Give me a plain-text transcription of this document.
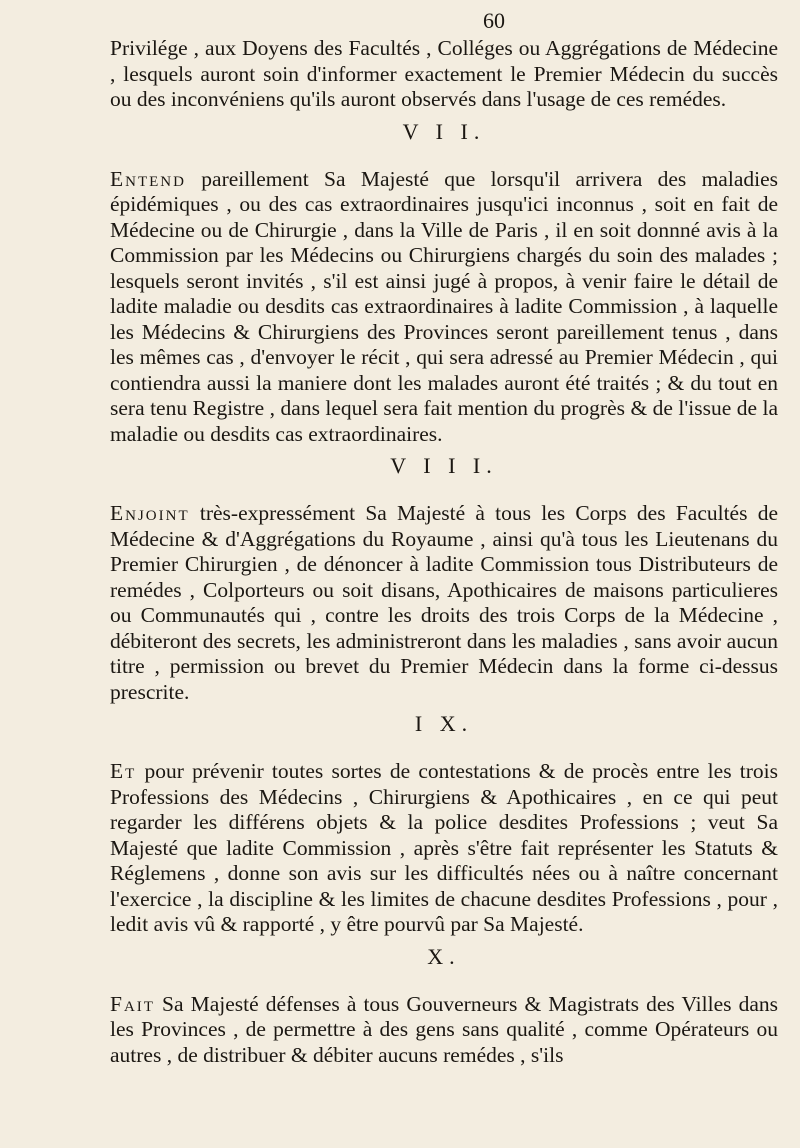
60

Privilége , aux Doyens des Facultés , Colléges ou Aggrégations de Médecine , lesquels auront soin d'informer exactement le Premier Médecin du succès ou des inconvéniens qu'ils auront observés dans l'usage de ces remédes.

V I I.

Entend pareillement Sa Majesté que lorsqu'il arrivera des maladies épidémiques , ou des cas extraordinaires jusqu'ici inconnus , soit en fait de Médecine ou de Chirurgie , dans la Ville de Paris , il en soit donnné avis à la Commission par les Médecins ou Chirurgiens chargés du soin des malades ; lesquels seront invités , s'il est ainsi jugé à propos, à venir faire le détail de ladite maladie ou desdits cas extraordinaires à ladite Commission , à laquelle les Médecins & Chirurgiens des Provinces seront pareillement tenus , dans les mêmes cas , d'envoyer le récit , qui sera adressé au Premier Médecin , qui contiendra aussi la maniere dont les malades auront été traités ; & du tout en sera tenu Registre , dans lequel sera fait mention du progrès & de l'issue de la maladie ou desdits cas extraordinaires.

V I I I.

Enjoint très-expressément Sa Majesté à tous les Corps des Facultés de Médecine & d'Aggrégations du Royaume , ainsi qu'à tous les Lieutenans du Premier Chirurgien , de dénoncer à ladite Commission tous Distributeurs de remédes , Colporteurs ou soit disans, Apothicaires de maisons particulieres ou Communautés qui , contre les droits des trois Corps de la Médecine , débiteront des secrets, les administreront dans les maladies , sans avoir aucun titre , permission ou brevet du Premier Médecin dans la forme ci-dessus prescrite.

I X.

Et pour prévenir toutes sortes de contestations & de procès entre les trois Professions des Médecins , Chirurgiens & Apothicaires , en ce qui peut regarder les différens objets & la police desdites Professions ; veut Sa Majesté que ladite Commission , après s'être fait représenter les Statuts & Réglemens , donne son avis sur les difficultés nées ou à naître concernant l'exercice , la discipline & les limites de chacune desdites Professions , pour , ledit avis vû & rapporté , y être pourvû par Sa Majesté.

X.

Fait Sa Majesté défenses à tous Gouverneurs & Magistrats des Villes dans les Provinces , de permettre à des gens sans qualité , comme Opérateurs ou autres , de distribuer & débiter aucuns remédes , s'ils
